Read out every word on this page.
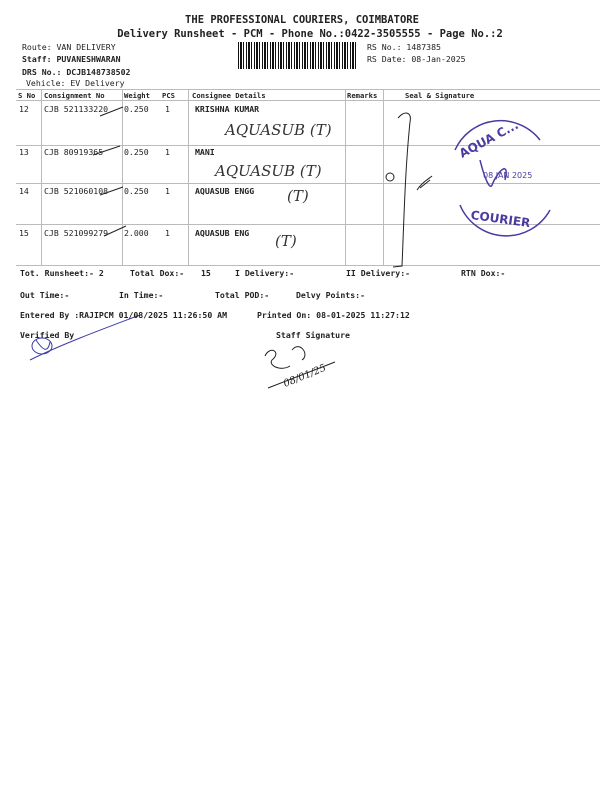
THE PROFESSIONAL COURIERS, COIMBATORE
Delivery Runsheet - PCM - Phone No.:0422-3505555 - Page No.:2
Route: VAN DELIVERY
Staff: PUVANESHWARAN
DRS No.: DCJB148738502
Vehicle: EV Delivery
RS No.: 1487385
RS Date: 08-Jan-2025
S No Consignment No	Weight PCS Consignee Details	Remarks	Seal & Signature
12 CJB 521133220 0.250 1	KRISHNA KUMAR
AQUASUB (T)
13 CJB 80919365	0.250 1	MANI
AQUASUB (T)
14 CJB 521060108 0.250 1	AQUASUB ENGG (T)
15 CJB 521099279 2.000 1	AQUASUB ENG (T)
AQUA C...
08 JAN 2025
COURIER
08/01/25
Tot. Runsheet:- 2	Total Dox:- 15	I Delivery:-	II Delivery:-	RTN Dox:-
Out Time:-	In Time:-	Total POD:-	Delvy Points:-
Entered By :RAJIPCM 01/08/2025 11:26:50 AM	Printed On: 08-01-2025 11:27:12
Verified By	Staff Signature
